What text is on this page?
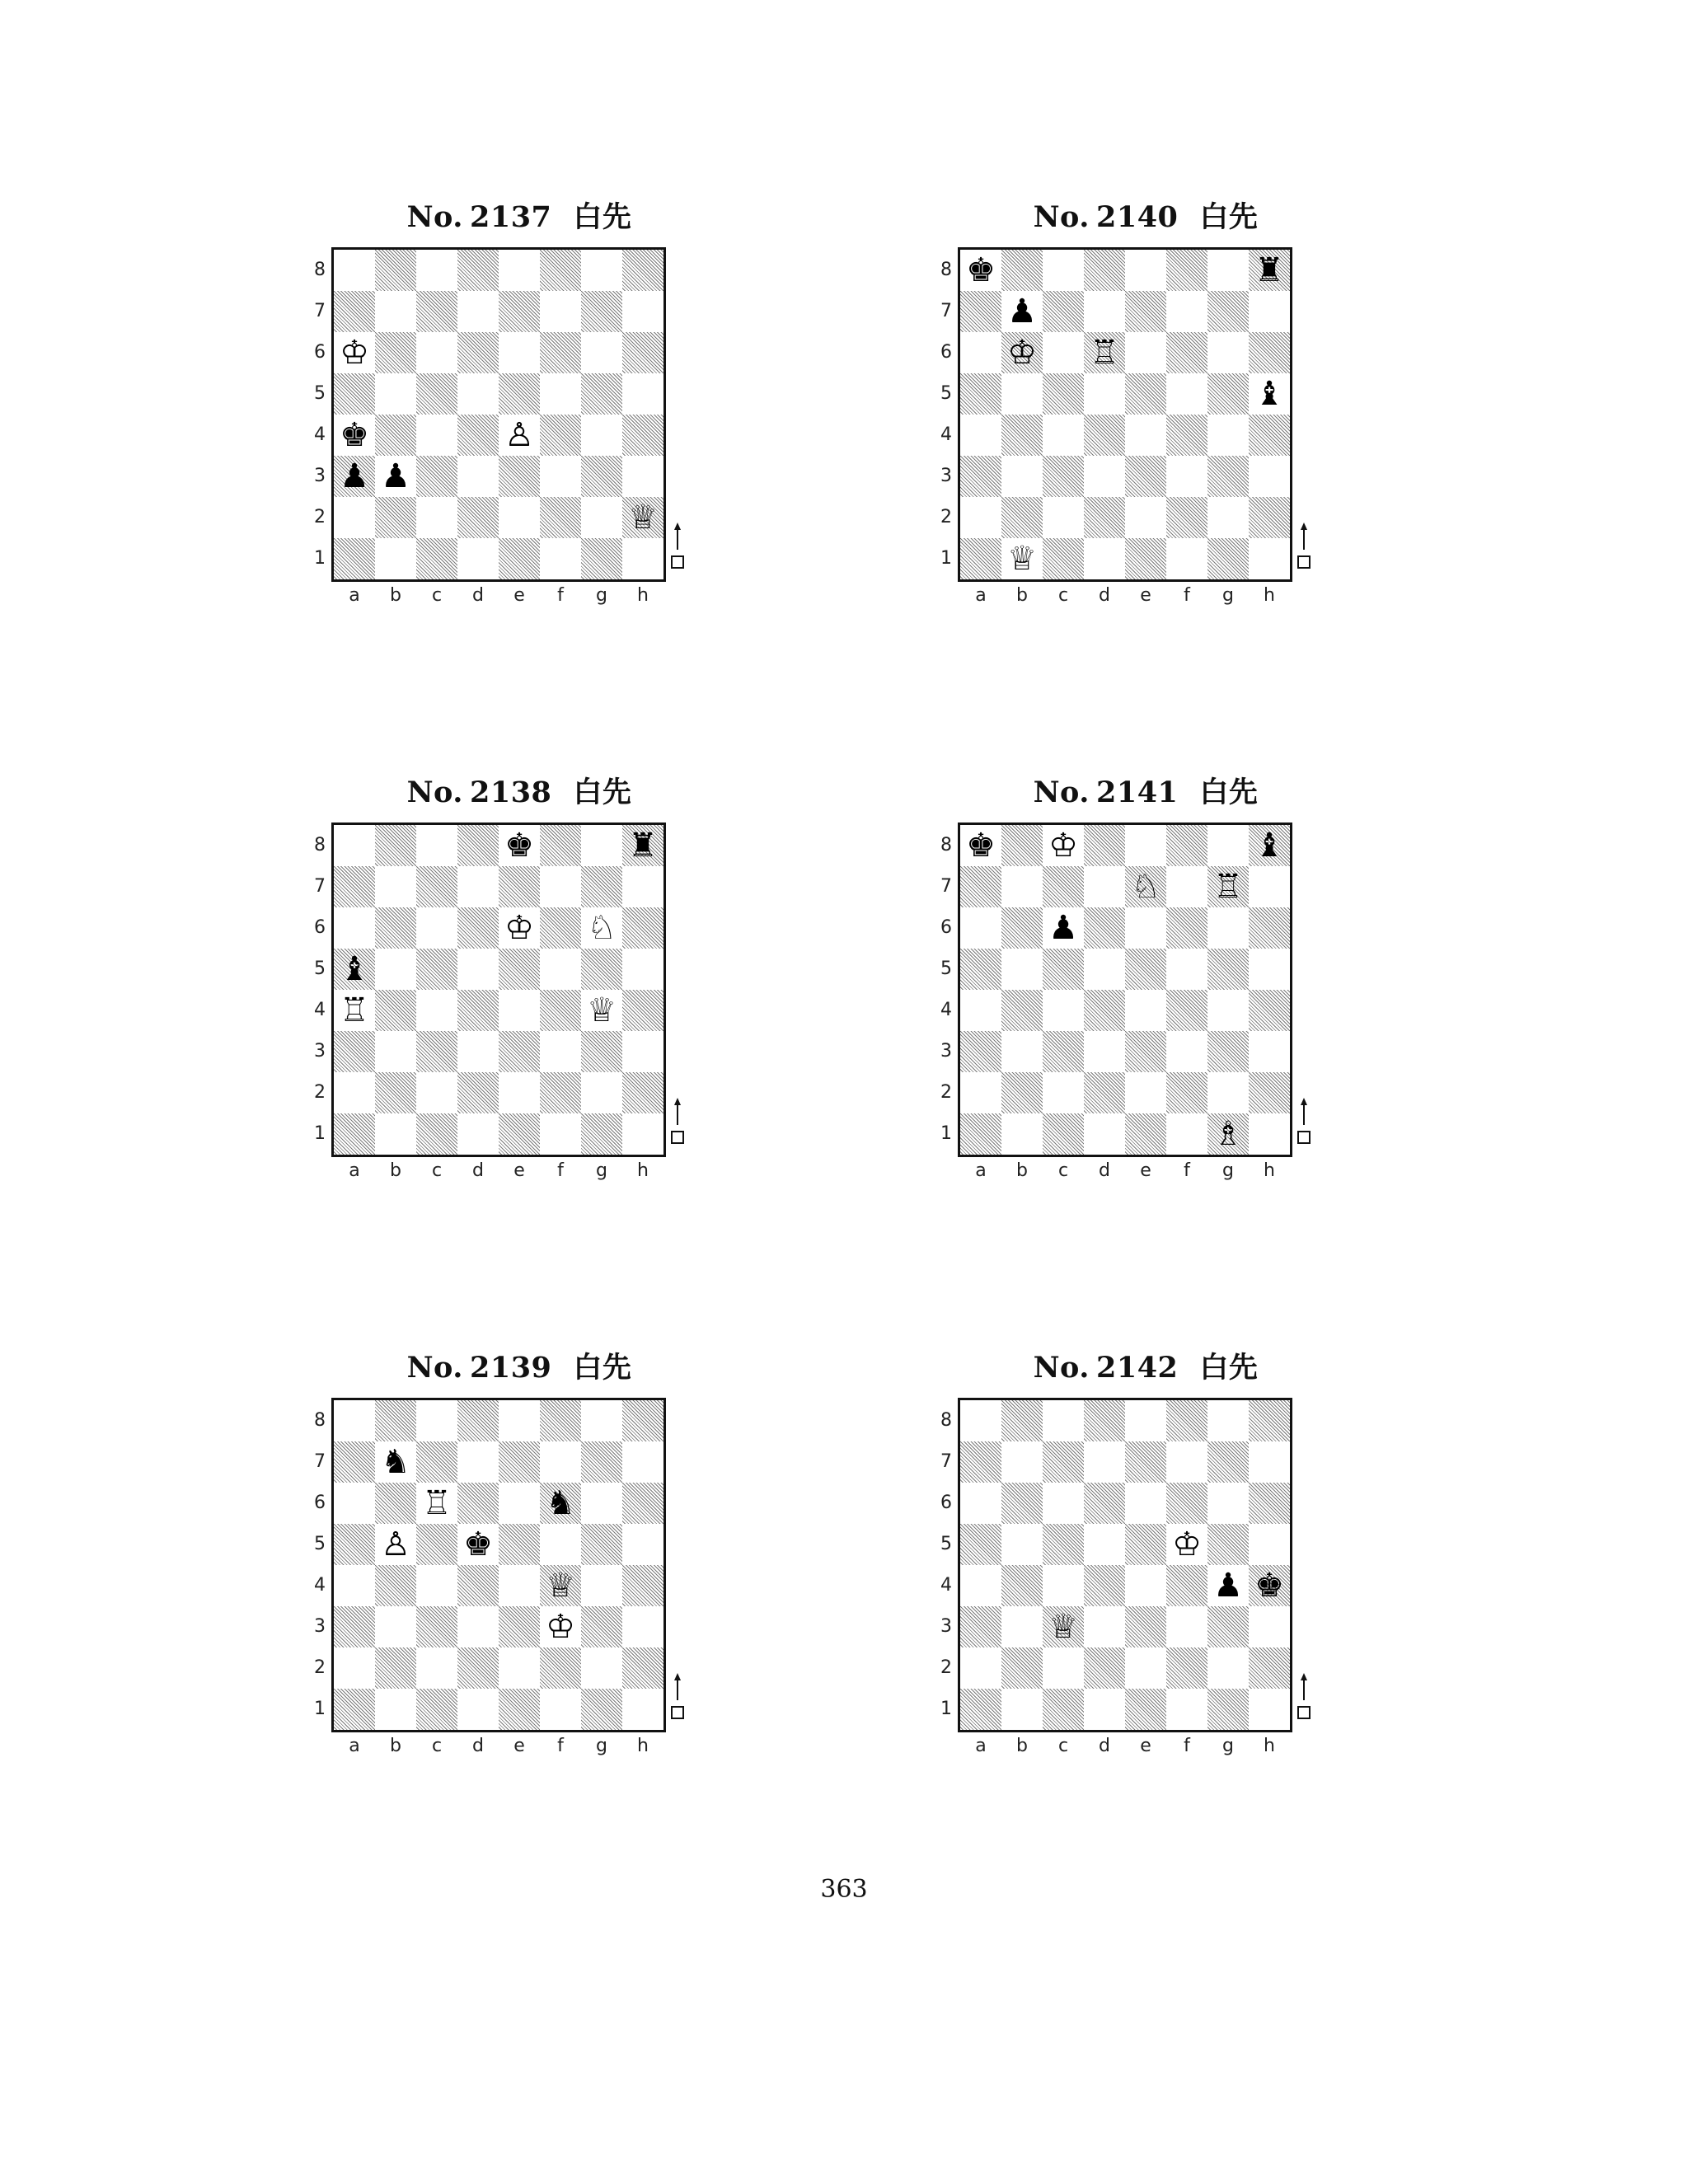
No. 2137 白先
8
7
6
5
4
3
2
1
♔
♚	♙
♟ ♟
♕
a	b	c	d	e	f	g	h
No. 2140 白先
8
7
6
5
4
3
2
1
♚	♜
♟
♔ ♖
♝
♕
a	b	c	d	e	f	g	h
No. 2138 白先
8
7
6
5
4
3
2
1
♚	♜
♔ ♘
♝
♖	♕
a	b	c	d	e	f	g	h
No. 2141 白先
8
7
6
5
4
3
2
1
♚ ♔	♝
♘ ♖
♟
♗
a	b	c	d	e	f	g	h
No. 2139 白先
8
7
6
5
4
3
2
1
♞
♖	♞
♙ ♚
♕
♔
a	b	c	d	e	f	g	h
No. 2142 白先
8
7
6
5
4
3
2
1
♔
♟ ♚
♕
a	b	c	d	e	f	g	h
363
